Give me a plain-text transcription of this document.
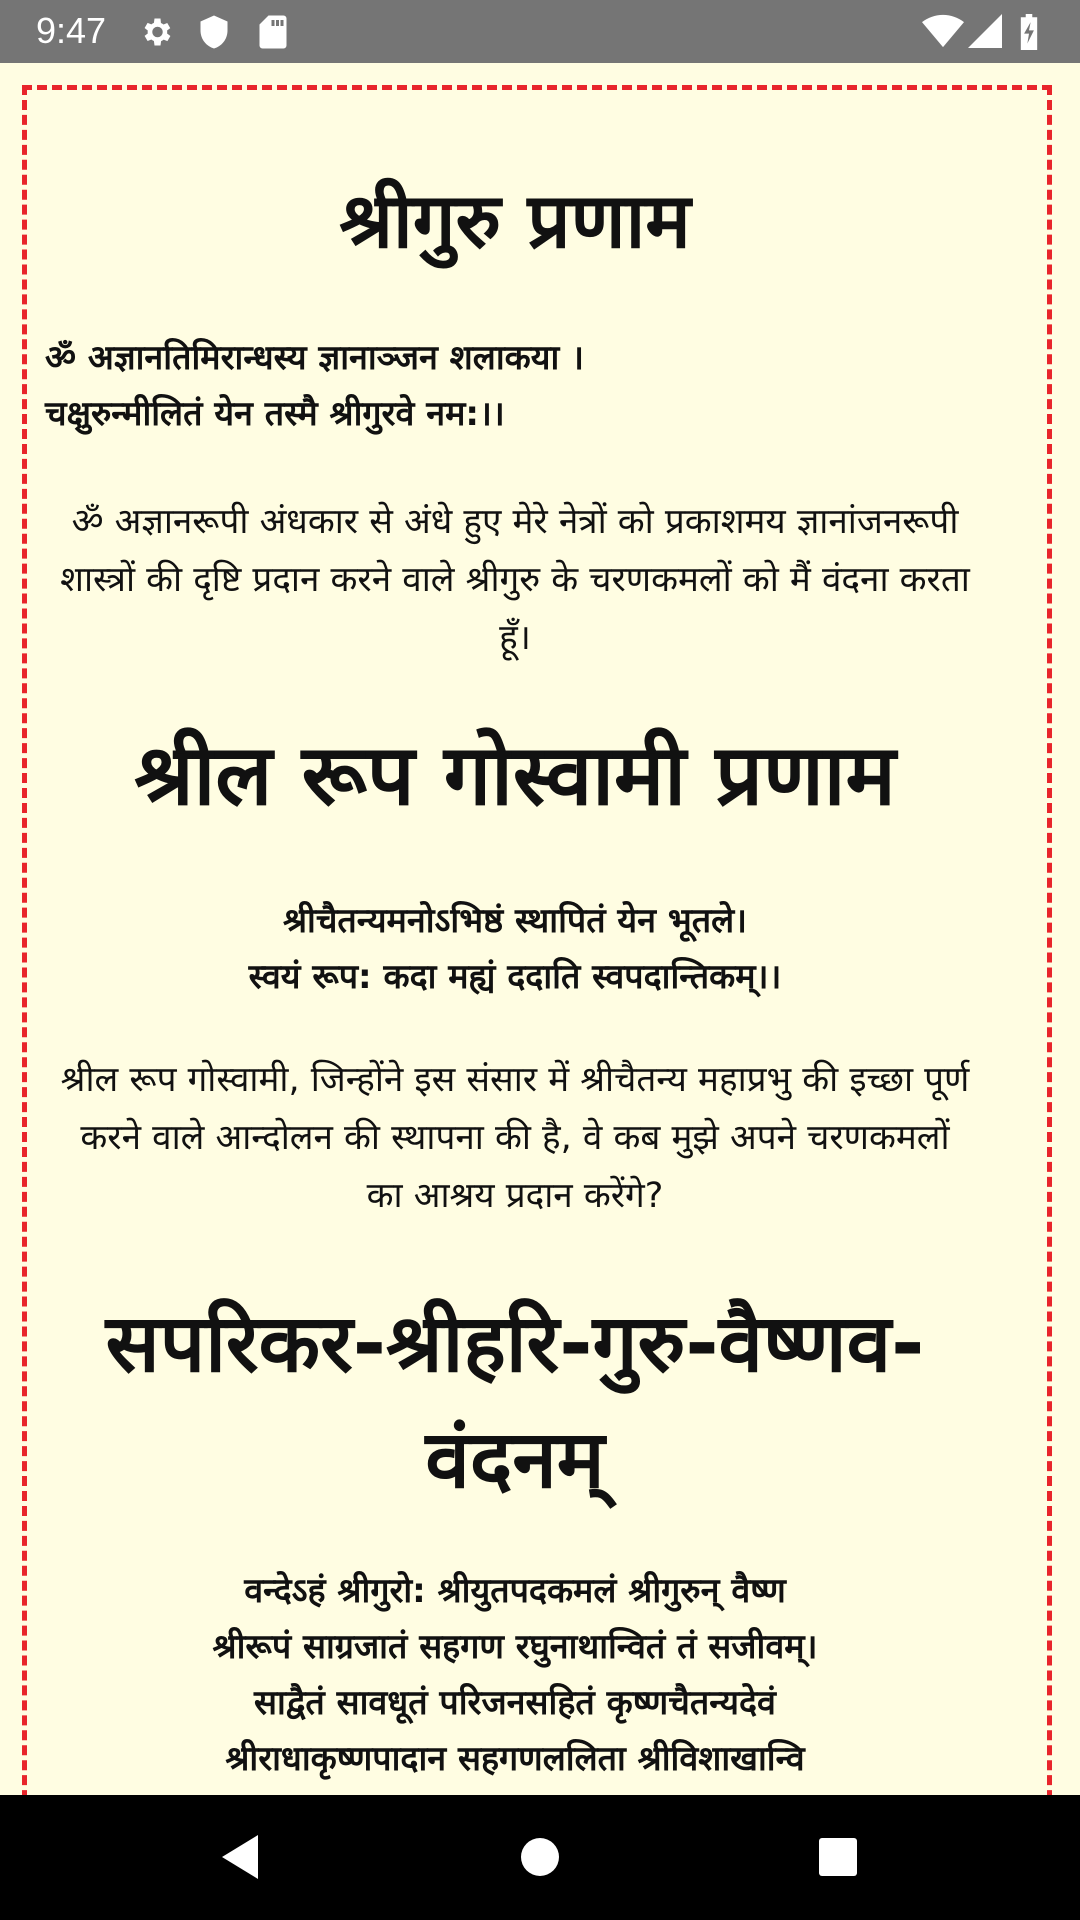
9:47
श्रीगुरु प्रणाम
ॐ अज्ञानतिमिरान्धस्य ज्ञानाञ्जन शलाकया ।
चक्षुरुन्मीलितं येन तस्मै श्रीगुरवे नम:।।

ॐ अज्ञानरूपी अंधकार से अंधे हुए मेरे नेत्रों को प्रकाशमय ज्ञानांजनरूपी शास्त्रों की दृष्टि प्रदान करने वाले श्रीगुरु के चरणकमलों को मैं वंदना करता हूँ।

श्रील रूप गोस्वामी प्रणाम
श्रीचैतन्यमनोऽभिष्ठं स्थापितं येन भूतले।
स्वयं रूप: कदा मह्यं ददाति स्वपदान्तिकम्।।

श्रील रूप गोस्वामी, जिन्होंने इस संसार में श्रीचैतन्य महाप्रभु की इच्छा पूर्ण करने वाले आन्दोलन की स्थापना की है, वे कब मुझे अपने चरणकमलों का आश्रय प्रदान करेंगे?

सपरिकर-श्रीहरि-गुरु-वैष्णव-वंदनम्
वन्देऽहं श्रीगुरो: श्रीयुतपदकमलं श्रीगुरुन् वैष्ण
श्रीरूपं साग्रजातं सहगण रघुनाथान्वितं तं सजीवम्।
साद्वैतं सावधूतं परिजनसहितं कृष्णचैतन्यदेवं
श्रीराधाकृष्णपादान सहगणललिता श्रीविशाखान्वि
